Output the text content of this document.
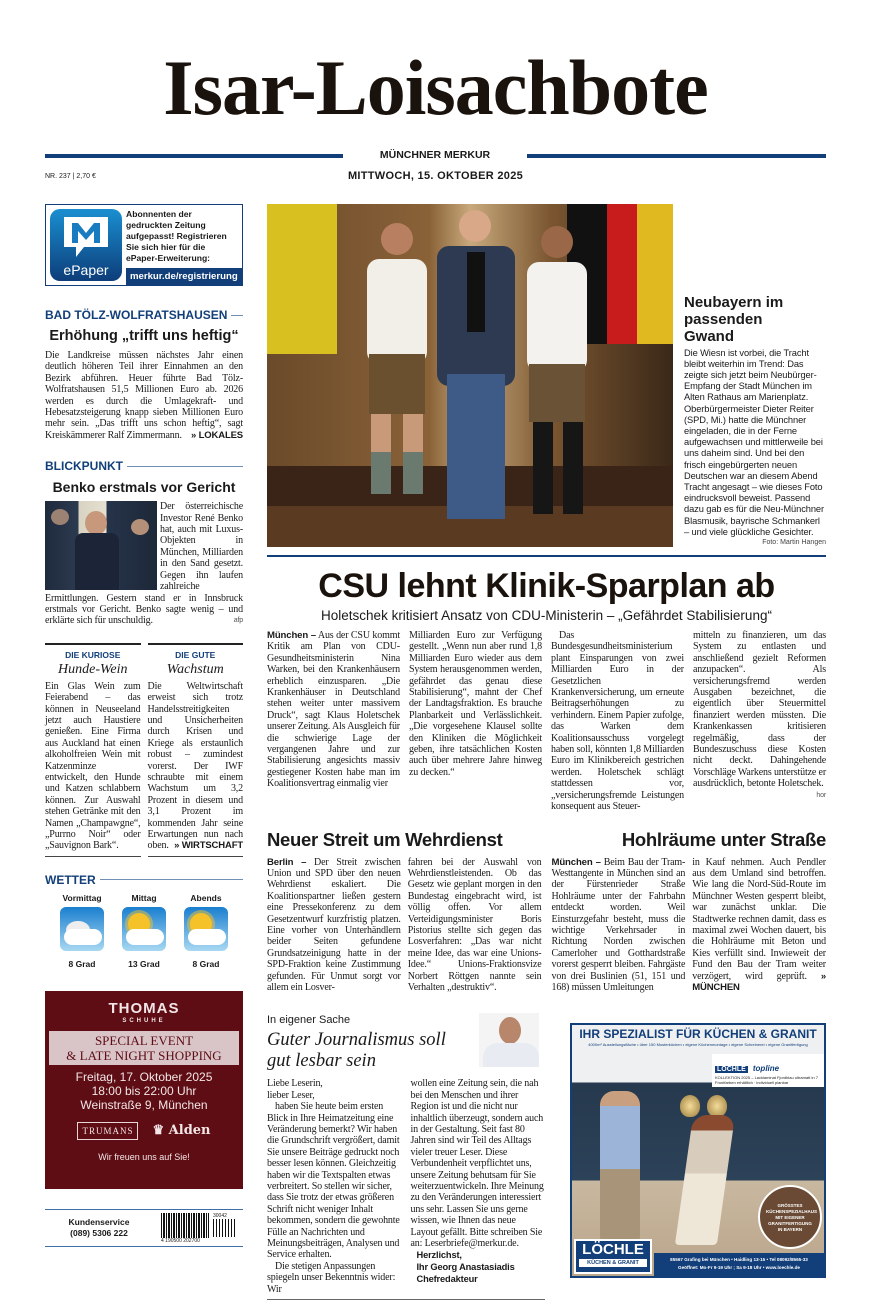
Isar-Loisachbote
MÜNCHNER MERKUR
MITTWOCH, 15. OKTOBER 2025
NR. 237 | 2,70 €
ePaper
Abonnenten der gedruckten Zeitung aufgepasst! Registrieren Sie sich hier für die ePaper-Erweiterung:
merkur.de/registrierung
BAD TÖLZ-WOLFRATSHAUSEN
Erhöhung „trifft uns heftig“
Die Landkreise müssen nächstes Jahr einen deutlich höheren Teil ihrer Einnahmen an den Bezirk abführen. Heuer führte Bad Tölz-Wolfratshausen 51,5 Millionen Euro ab. 2026 werden es durch die Umlagekraft- und Hebesatzsteigerung knapp sieben Millionen Euro mehr sein. „Das trifft uns schon heftig“, sagt Kreiskämmerer Ralf Zimmermann. » LOKALES
BLICKPUNKT
Benko erstmals vor Gericht
Der österreichische Investor René Benko hat, auch mit Luxus-Objekten in München, Milliarden in den Sand gesetzt. Gegen ihn laufen zahlreiche Ermittlungen. Gestern stand er in Innsbruck erstmals vor Gericht. Benko sagte wenig – und erklärte sich für unschuldig.	afp
DIE KURIOSE
Hunde-Wein
Ein Glas Wein zum Feierabend – das können in Neuseeland jetzt auch Haustiere genießen. Eine Firma aus Auckland hat einen alkoholfreien Wein mit Katzenminze entwickelt, den Hunde und Katzen schlabbern können. Zur Auswahl stehen Getränke mit den Namen „Champawgne“, „Purrno Noir“ oder „Sauvignon Bark“.
DIE GUTE
Wachstum
Die Weltwirtschaft erweist sich trotz Handelsstreitigkeiten und Unsicherheiten durch Krisen und Kriege als erstaunlich robust – zumindest vorerst. Der IWF schraubte mit einem Wachstum um 3,2 Prozent in diesem und 3,1 Prozent im kommenden Jahr seine Erwartungen nun nach oben. » WIRTSCHAFT
WETTER
Vormittag
8 Grad
Mittag
13 Grad
Abends
8 Grad
THOMAS
SCHUHE
SPECIAL EVENT
& LATE NIGHT SHOPPING
Freitag, 17. Oktober 2025
18:00 bis 22:00 Uhr
Weinstraße 9, München
TRUMANS	♛ Alden
Wir freuen uns auf Sie!
Kundenservice
(089) 5306 222
4 190500 202700
30042
Neubayern im passenden Gwand
Die Wiesn ist vorbei, die Tracht bleibt weiterhin im Trend: Das zeigte sich jetzt beim Neubürger-Empfang der Stadt München im Alten Rathaus am Marienplatz. Oberbürgermeister Dieter Reiter (SPD, Mi.) hatte die Münchner eingeladen, die in der Ferne aufgewachsen und mittlerweile bei uns daheim sind. Und bei den frisch eingebürgerten neuen Deutschen war an diesem Abend Tracht angesagt – wie dieses Foto eindrucksvoll beweist. Passend dazu gab es für die Neu-Münchner Blasmusik, bayrische Schmankerl – und viele glückliche Gesichter.
Foto: Martin Hangen
CSU lehnt Klinik-Sparplan ab
Holetschek kritisiert Ansatz von CDU-Ministerin – „Gefährdet Stabilisierung“
München – Aus der CSU kommt Kritik am Plan von CDU-Gesundheitsministerin Nina Warken, bei den Krankenhäusern erheblich einzusparen. „Die Krankenhäuser in Deutschland stehen weiter unter massivem Druck“, sagt Klaus Holetschek unserer Zeitung. Als Ausgleich für die schwierige Lage der vergangenen Jahre und zur Stabilisierung angesichts massiv gestiegener Kosten habe man im Koalitionsvertrag einmalig vier
Milliarden Euro zur Verfügung gestellt. „Wenn nun aber rund 1,8 Milliarden Euro wieder aus dem System herausgenommen werden, gefährdet das genau diese Stabilisierung“, mahnt der Chef der Landtagsfraktion. Es brauche Planbarkeit und Verlässlichkeit. „Die vorgesehene Klausel sollte den Kliniken die Möglichkeit geben, ihre tatsächlichen Kosten auch über mehrere Jahre hinweg zu decken.“
Das Bundesgesundheitsministerium plant Einsparungen von zwei Milliarden Euro in der Gesetzlichen Krankenversicherung, um erneute Beitragserhöhungen zu verhindern. Einem Papier zufolge, das Warken dem Koalitionsausschuss vorgelegt haben soll, könnten 1,8 Milliarden Euro im Klinikbereich gestrichen werden. Holetschek schlägt stattdessen vor, „versicherungsfremde Leistungen konsequent aus Steuer-
mitteln zu finanzieren, um das System zu entlasten und anschließend gezielt Reformen anzupacken“. Als versicherungsfremd werden Ausgaben bezeichnet, die eigentlich über Steuermittel finanziert werden müssten. Die Krankenkassen kritisieren regelmäßig, dass der Bundeszuschuss diese Kosten nicht deckt. Dahingehende Vorschläge Warkens unterstütze er ausdrücklich, betonte Holetschek.
hor
Neuer Streit um Wehrdienst
Berlin – Der Streit zwischen Union und SPD über den neuen Wehrdienst eskaliert. Die Koalitionspartner ließen gestern eine Pressekonferenz zu dem Gesetzentwurf kurzfristig platzen. Eine vorher von Unterhändlern beider Seiten gefundene Grundsatzeinigung hatte in der SPD-Fraktion keine Zustimmung gefunden. Für Unmut sorgt vor allem ein Losver-
fahren bei der Auswahl von Wehrdienstleistenden. Ob das Gesetz wie geplant morgen in den Bundestag eingebracht wird, ist völlig offen. Vor allem Verteidigungsminister Boris Pistorius stellte sich gegen das Losverfahren: „Das war nicht meine Idee, das war eine Unions-Idee.“ Unions-Fraktionsvize Norbert Röttgen nannte sein Verhalten „destruktiv“.
Hohlräume unter Straße
München – Beim Bau der Tram-Westtangente in München sind an der Fürstenrieder Straße Hohlräume unter der Fahrbahn entdeckt worden. Weil Einsturzgefahr besteht, muss die wichtige Verkehrsader in Richtung Norden zwischen Camerloher und Gotthardstraße vorerst gesperrt bleiben. Fahrgäste von drei Buslinien (51, 151 und 168) müssen Umleitungen
in Kauf nehmen. Auch Pendler aus dem Umland sind betroffen. Wie lang die Nord-Süd-Route im Münchner Westen gesperrt bleibt, war zunächst unklar. Die Stadtwerke rechnen damit, dass es maximal zwei Wochen dauert, bis die Hohlräume mit Beton und Kies verfüllt sind. Inwieweit der Fund den Bau der Tram weiter verzögert, wird geprüft. » MÜNCHEN
In eigener Sache
Guter Journalismus soll gut lesbar sein
Liebe Leserin,
lieber Leser,
haben Sie heute beim ersten Blick in Ihre Heimatzeitung eine Veränderung bemerkt? Wir haben die Grundschrift vergrößert, damit Sie unsere Beiträge gedruckt noch besser lesen können. Gleichzeitig haben wir die Textspalten etwas verbreitert. So stellen wir sicher, dass Sie trotz der etwas größeren Schrift nicht weniger Inhalt bekommen, sondern die gewohnte Fülle an Nachrichten und Meinungsbeiträgen, Analysen und Service erhalten.
Die stetigen Anpassungen spiegeln unser Bekenntnis wider: Wir
wollen eine Zeitung sein, die nah bei den Menschen und ihrer Region ist und die nicht nur inhaltlich überzeugt, sondern auch in der Gestaltung. Seit fast 80 Jahren sind wir Teil des Alltags vieler treuer Leser. Diese Verbundenheit verpflichtet uns, unsere Zeitung behutsam für Sie weiterzuentwickeln. Ihre Meinung zu den Veränderungen interessiert uns sehr. Lassen Sie uns gerne wissen, wie Ihnen das neue Layout gefällt. Bitte schreiben Sie an: Leserbriefe@merkur.de.
Herzlichst,
Ihr Georg Anastasiadis
Chefredakteur
IHR SPEZIALIST FÜR KÜCHEN & GRANIT
4000m² Ausstellungsfläche • über 150 Musterküchen • eigene Küchenmontage • eigene Schreinerei • eigene Granitfertigung
LÖCHLE topline
KOLLEKTION 2025 – Lacklaminat Fjordblau ultramatt in 7 Frontfarben erhältlich · individuell planbar
GRÖSSTES KÜCHENSPEZIALHAUS MIT EIGENER GRANITFERTIGUNG IN BAYERN
LÖCHLE
KÜCHEN & GRANIT
85567 Grafing bei München • Haidling 13-15 • Tel 08092/8565-33
Geöffnet: Mo-Fr 9-19 Uhr ; Sa 9-18 Uhr • www.loechle.de
